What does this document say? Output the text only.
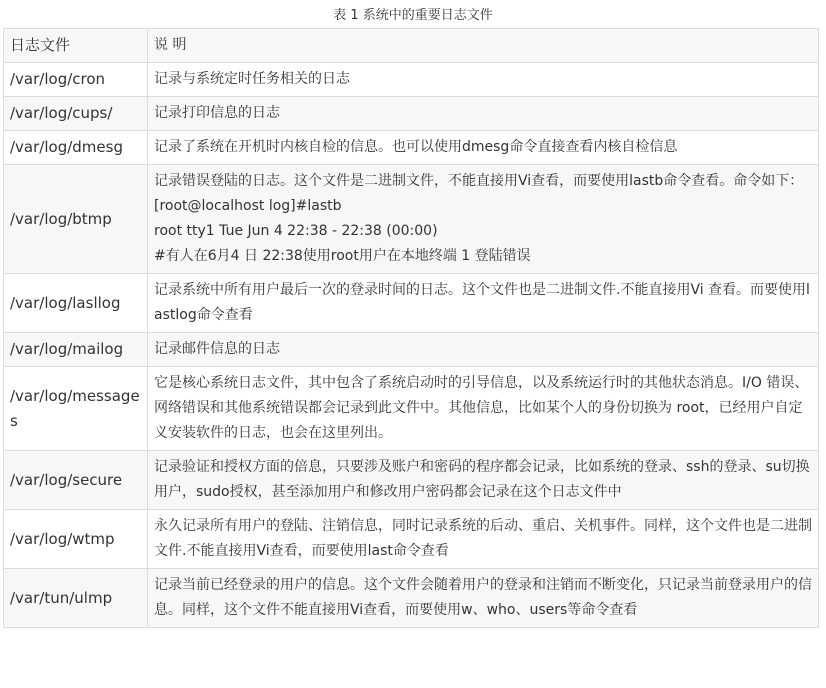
表 1 系统中的重要日志文件
日志文件	说 明
/var/log/cron	记录与系统定时任务相关的日志

/var/log/cups/	记录打印信息的日志

/var/log/dmesg	记录了系统在开机时内核自检的信息。也可以使用dmesg命令直接查看内核自检信息

/var/log/btmp	记录错误登陆的日志。这个文件是二进制文件，不能直接用Vi查看，而要使用lastb命令查看。命令如下：
[root@localhost log]#lastb
root tty1 Tue Jun 4 22:38 - 22:38 (00:00)
#有人在6月4 日 22:38使用root用户在本地终端 1 登陆错误

/var/log/lasllog	记录系统中所有用户最后一次的登录时间的日志。这个文件也是二进制文件.不能直接用Vi 查看。而要使用lastlog命令查看

/var/log/mailog	记录邮件信息的日志

/var/log/messages	它是核心系统日志文件，其中包含了系统启动时的引导信息，以及系统运行时的其他状态消息。I/O 错误、网络错误和其他系统错误都会记录到此文件中。其他信息，比如某个人的身份切换为 root，已经用户自定义安装软件的日志，也会在这里列出。

/var/log/secure	记录验证和授权方面的倍息，只要涉及账户和密码的程序都会记录，比如系统的登录、ssh的登录、su切换用户，sudo授权，甚至添加用户和修改用户密码都会记录在这个日志文件中

/var/log/wtmp	永久记录所有用户的登陆、注销信息，同时记录系统的后动、重启、关机事件。同样，这个文件也是二进制文件.不能直接用Vi查看，而要使用last命令查看

/var/tun/ulmp	记录当前已经登录的用户的信息。这个文件会随着用户的登录和注销而不断变化，只记录当前登录用户的信息。同样，这个文件不能直接用Vi查看，而要使用w、who、users等命令查看
